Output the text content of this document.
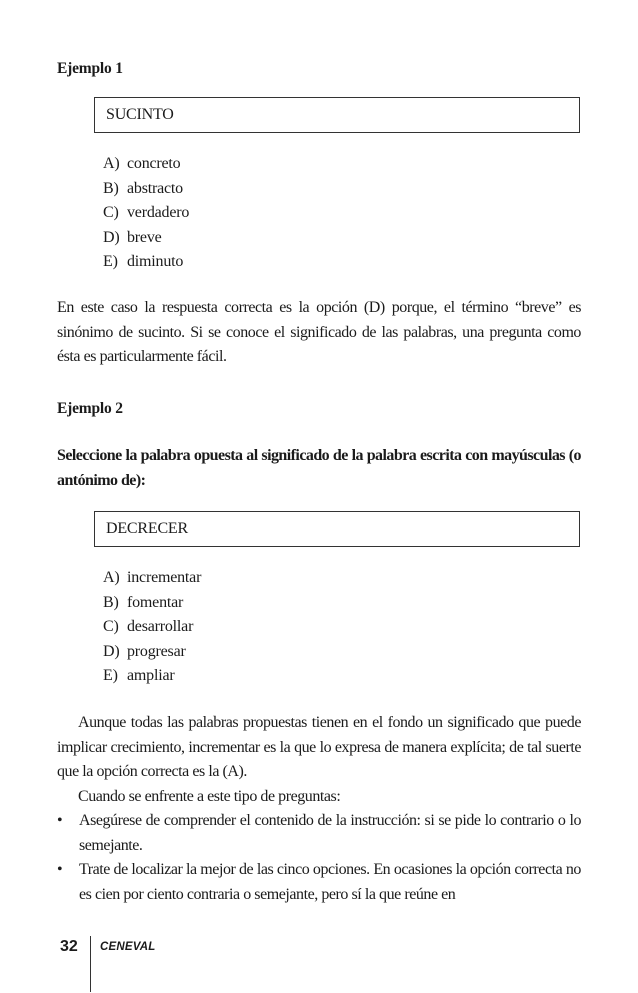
Ejemplo 1
SUCINTO
A) concreto
B) abstracto
C) verdadero
D) breve
E) diminuto

En este caso la respuesta correcta es la opción (D) porque, el término “breve” es sinónimo de sucinto. Si se conoce el significado de las palabras, una pregunta como ésta es particularmente fácil.

Ejemplo 2

Seleccione la palabra opuesta al significado de la palabra escrita con mayúsculas (o antónimo de):

DECRECER
A) incrementar
B) fomentar
C) desarrollar
D) progresar
E) ampliar

Aunque todas las palabras propuestas tienen en el fondo un significado que puede implicar crecimiento, incrementar es la que lo expresa de manera explícita; de tal suerte que la opción correcta es la (A).

Cuando se enfrente a este tipo de preguntas:

• Asegúrese de comprender el contenido de la instrucción: si se pide lo contrario o lo semejante.
• Trate de localizar la mejor de las cinco opciones. En ocasiones la opción correcta no es cien por ciento contraria o semejante, pero sí la que reúne en
32 CENEVAL
